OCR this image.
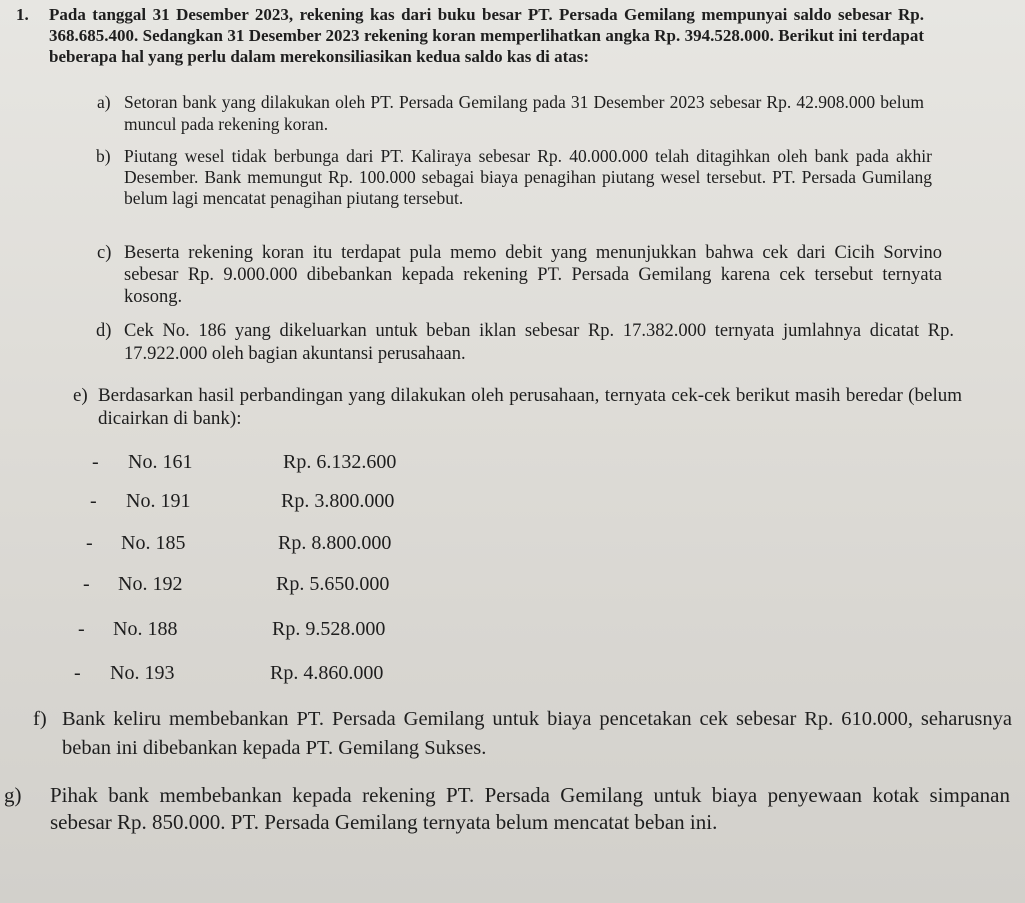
1. Pada tanggal 31 Desember 2023, rekening kas dari buku besar PT. Persada Gemilang mempunyai saldo sebesar Rp. 368.685.400. Sedangkan 31 Desember 2023 rekening koran memperlihatkan angka Rp. 394.528.000. Berikut ini terdapat beberapa hal yang perlu dalam merekonsiliasikan kedua saldo kas di atas:
a) Setoran bank yang dilakukan oleh PT. Persada Gemilang pada 31 Desember 2023 sebesar Rp. 42.908.000 belum muncul pada rekening koran.
b) Piutang wesel tidak berbunga dari PT. Kaliraya sebesar Rp. 40.000.000 telah ditagihkan oleh bank pada akhir Desember. Bank memungut Rp. 100.000 sebagai biaya penagihan piutang wesel tersebut. PT. Persada Gumilang belum lagi mencatat penagihan piutang tersebut.
c) Beserta rekening koran itu terdapat pula memo debit yang menunjukkan bahwa cek dari Cicih Sorvino sebesar Rp. 9.000.000 dibebankan kepada rekening PT. Persada Gemilang karena cek tersebut ternyata kosong.
d) Cek No. 186 yang dikeluarkan untuk beban iklan sebesar Rp. 17.382.000 ternyata jumlahnya dicatat Rp. 17.922.000 oleh bagian akuntansi perusahaan.
e) Berdasarkan hasil perbandingan yang dilakukan oleh perusahaan, ternyata cek-cek berikut masih beredar (belum dicairkan di bank):
- No. 161	Rp. 6.132.600
- No. 191	Rp. 3.800.000
- No. 185	Rp. 8.800.000
- No. 192	Rp. 5.650.000
- No. 188	Rp. 9.528.000
- No. 193	Rp. 4.860.000
f) Bank keliru membebankan PT. Persada Gemilang untuk biaya pencetakan cek sebesar Rp. 610.000, seharusnya beban ini dibebankan kepada PT. Gemilang Sukses.
g) Pihak bank membebankan kepada rekening PT. Persada Gemilang untuk biaya penyewaan kotak simpanan sebesar Rp. 850.000. PT. Persada Gemilang ternyata belum mencatat beban ini.
